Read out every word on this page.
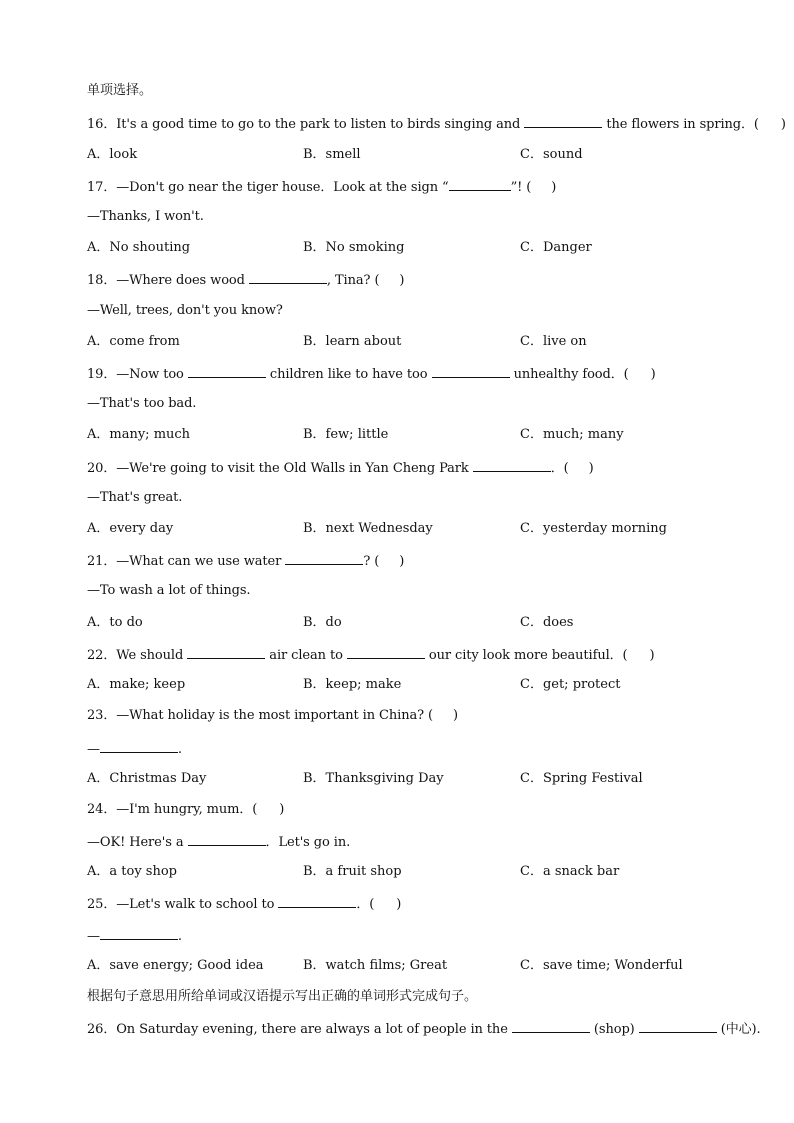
单项选择。
16．It's a good time to go to the park to listen to birds singing and	the flowers in spring．( )
A．look	B．smell	C．sound
17．—Don't go near the tiger house．Look at the sign “	”! ( )
—Thanks, I won't.
A．No shouting	B．No smoking	C．Danger
18．—Where does wood	, Tina? ( )
—Well, trees, don't you know?
A．come from	B．learn about	C．live on
19．—Now too	children like to have too	unhealthy food．( )
—That's too bad.
A．many; much	B．few; little	C．much; many
20．—We're going to visit the Old Walls in Yan Cheng Park	．( )
—That's great.
A．every day	B．next Wednesday	C．yesterday morning
21．—What can we use water	? ( )
—To wash a lot of things.
A．to do	B．do	C．does
22．We should	air clean to	our city look more beautiful．( )
A．make; keep	B．keep; make	C．get; protect
23．—What holiday is the most important in China? ( )
—	.
A．Christmas Day	B．Thanksgiving Day	C．Spring Festival
24．—I'm hungry, mum．( )
—OK! Here's a	．Let's go in.
A．a toy shop	B．a fruit shop	C．a snack bar
25．—Let's walk to school to	．( )
—	.
A．save energy; Good idea	B．watch films; Great	C．save time; Wonderful
根据句子意思用所给单词或汉语提示写出正确的单词形式完成句子。
26．On Saturday evening, there are always a lot of people in the	(shop)	(中心).
